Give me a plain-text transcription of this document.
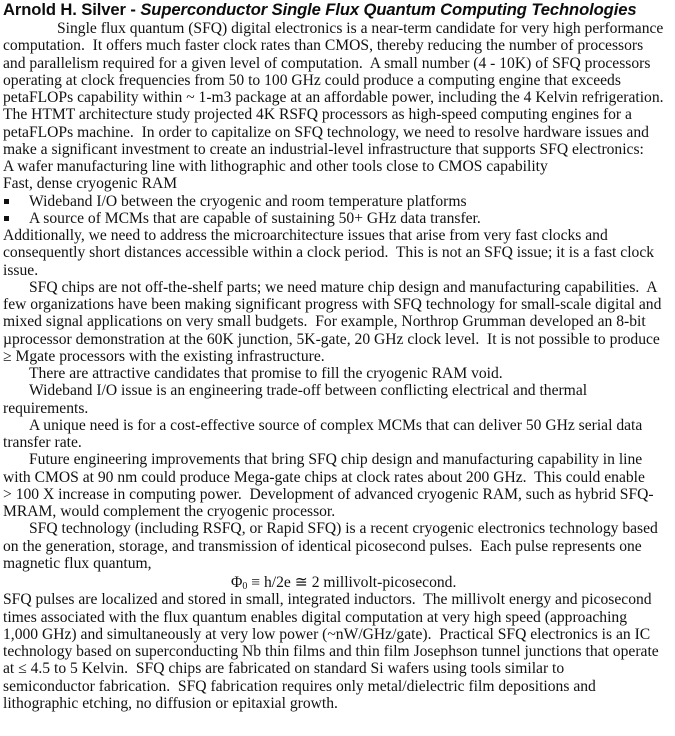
Arnold H. Silver - Superconductor Single Flux Quantum Computing Technologies
Single flux quantum (SFQ) digital electronics is a near-term candidate for very high performance
computation.  It offers much faster clock rates than CMOS, thereby reducing the number of processors
and parallelism required for a given level of computation.  A small number (4 - 10K) of SFQ processors
operating at clock frequencies from 50 to 100 GHz could produce a computing engine that exceeds
petaFLOPs capability within ~ 1-m3 package at an affordable power, including the 4 Kelvin refrigeration.
The HTMT architecture study projected 4K RSFQ processors as high-speed computing engines for a
petaFLOPs machine.  In order to capitalize on SFQ technology, we need to resolve hardware issues and
make a significant investment to create an industrial-level infrastructure that supports SFQ electronics:
A wafer manufacturing line with lithographic and other tools close to CMOS capability
Fast, dense cryogenic RAM
Wideband I/O between the cryogenic and room temperature platforms
A source of MCMs that are capable of sustaining 50+ GHz data transfer.
Additionally, we need to address the microarchitecture issues that arise from very fast clocks and
consequently short distances accessible within a clock period.  This is not an SFQ issue; it is a fast clock
issue.
SFQ chips are not off-the-shelf parts; we need mature chip design and manufacturing capabilities.  A
few organizations have been making significant progress with SFQ technology for small-scale digital and
mixed signal applications on very small budgets.  For example, Northrop Grumman developed an 8-bit
µprocessor demonstration at the 60K junction, 5K-gate, 20 GHz clock level.  It is not possible to produce
≥ Mgate processors with the existing infrastructure.
There are attractive candidates that promise to fill the cryogenic RAM void.
Wideband I/O issue is an engineering trade-off between conflicting electrical and thermal
requirements.
A unique need is for a cost-effective source of complex MCMs that can deliver 50 GHz serial data
transfer rate.
Future engineering improvements that bring SFQ chip design and manufacturing capability in line
with CMOS at 90 nm could produce Mega-gate chips at clock rates about 200 GHz.  This could enable
> 100 X increase in computing power.  Development of advanced cryogenic RAM, such as hybrid SFQ-
MRAM, would complement the cryogenic processor.
SFQ technology (including RSFQ, or Rapid SFQ) is a recent cryogenic electronics technology based
on the generation, storage, and transmission of identical picosecond pulses.  Each pulse represents one
magnetic flux quantum,
$\Phi_0 \equiv h/2e$ ≅ 2 millivolt-picosecond.
SFQ pulses are localized and stored in small, integrated inductors.  The millivolt energy and picosecond
times associated with the flux quantum enables digital computation at very high speed (approaching
1,000 GHz) and simultaneously at very low power (~nW/GHz/gate).  Practical SFQ electronics is an IC
technology based on superconducting Nb thin films and thin film Josephson tunnel junctions that operate
at ≤ 4.5 to 5 Kelvin.  SFQ chips are fabricated on standard Si wafers using tools similar to
semiconductor fabrication.  SFQ fabrication requires only metal/dielectric film depositions and
lithographic etching, no diffusion or epitaxial growth.
